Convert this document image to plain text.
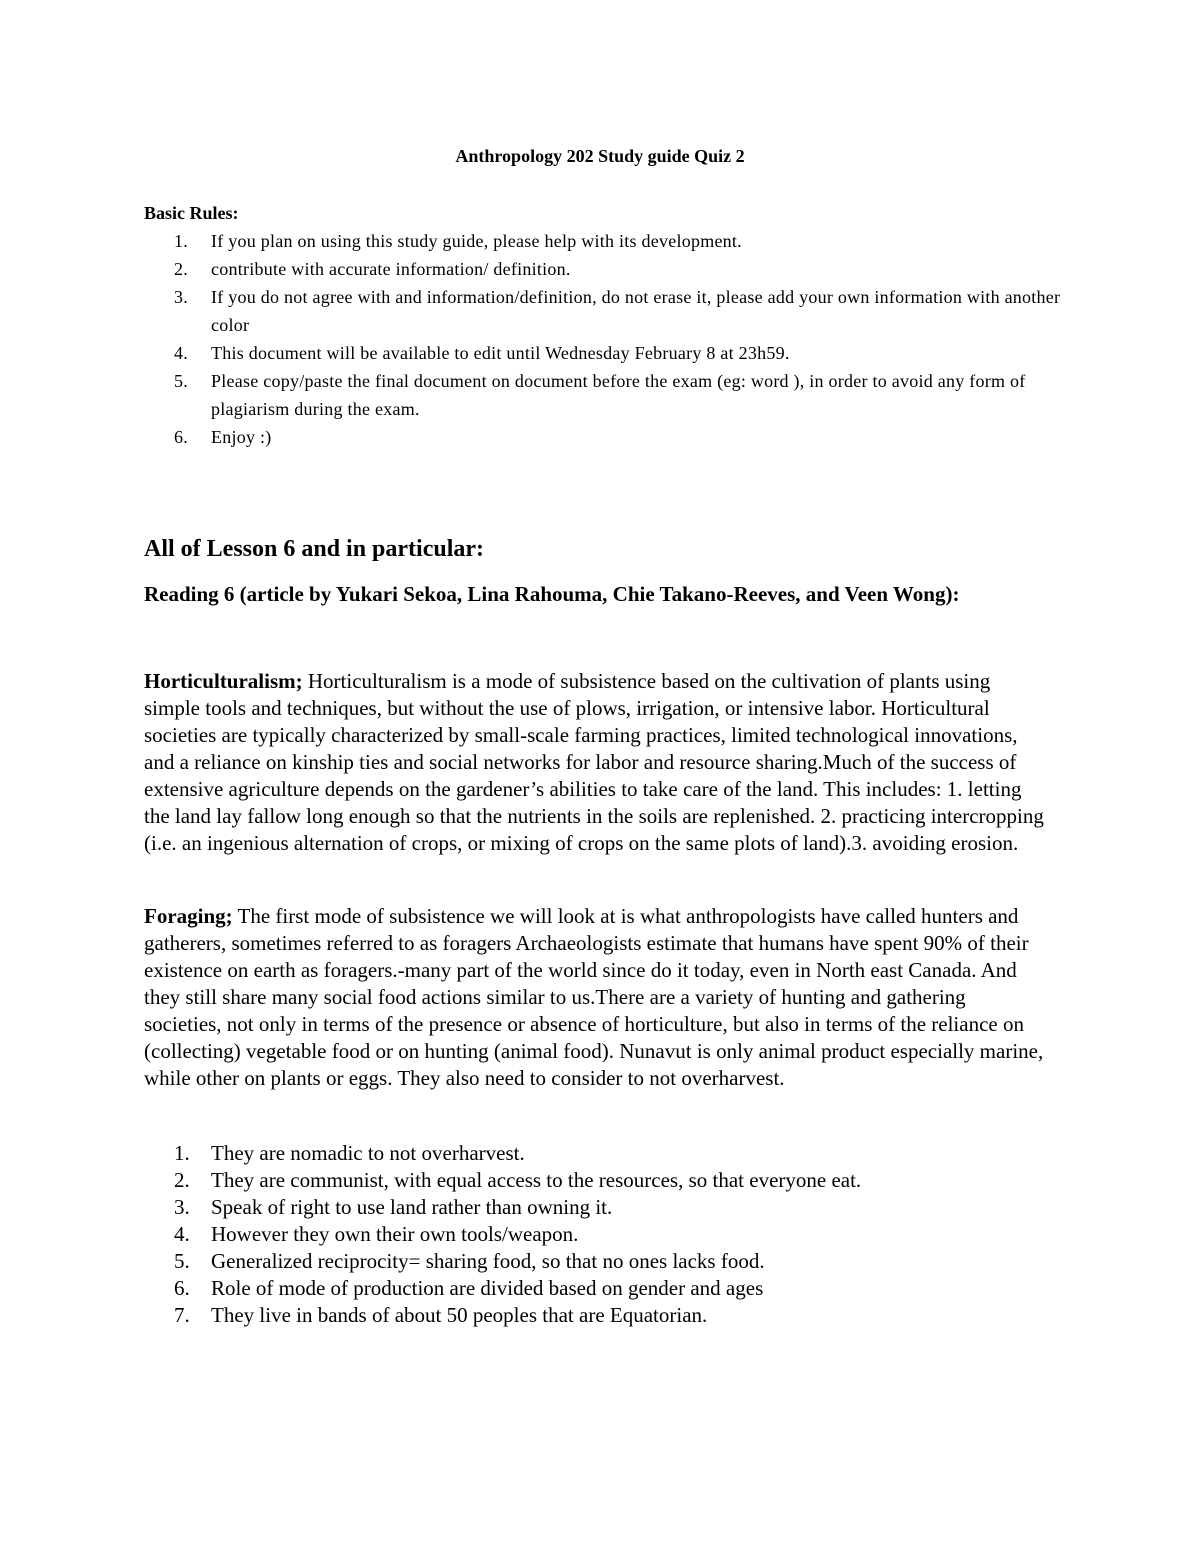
Anthropology 202 Study guide Quiz 2
Basic Rules:
1. If you plan on using this study guide, please help with its development.
2. contribute with accurate information/ definition.
3. If you do not agree with and information/definition, do not erase it, please add your own information with another color
4. This document will be available to edit until Wednesday February 8 at 23h59.
5. Please copy/paste the final document on document before the exam (eg: word ), in order to avoid any form of plagiarism during the exam.
6. Enjoy :)
All of Lesson 6 and in particular:
Reading 6 (article by Yukari Sekoa, Lina Rahouma, Chie Takano-Reeves, and Veen Wong):

Horticulturalism; Horticulturalism is a mode of subsistence based on the cultivation of plants using simple tools and techniques, but without the use of plows, irrigation, or intensive labor. Horticultural societies are typically characterized by small-scale farming practices, limited technological innovations, and a reliance on kinship ties and social networks for labor and resource sharing.Much of the success of extensive agriculture depends on the gardener’s abilities to take care of the land. This includes: 1. letting the land lay fallow long enough so that the nutrients in the soils are replenished. 2. practicing intercropping (i.e. an ingenious alternation of crops, or mixing of crops on the same plots of land).3. avoiding erosion.

Foraging; The first mode of subsistence we will look at is what anthropologists have called hunters and gatherers, sometimes referred to as foragers Archaeologists estimate that humans have spent 90% of their existence on earth as foragers.-many part of the world since do it today, even in North east Canada. And they still share many social food actions similar to us.There are a variety of hunting and gathering societies, not only in terms of the presence or absence of horticulture, but also in terms of the reliance on (collecting) vegetable food or on hunting (animal food). Nunavut is only animal product especially marine, while other on plants or eggs. They also need to consider to not overharvest.

1. They are nomadic to not overharvest.
2. They are communist, with equal access to the resources, so that everyone eat.
3. Speak of right to use land rather than owning it.
4. However they own their own tools/weapon.
5. Generalized reciprocity= sharing food, so that no ones lacks food.
6. Role of mode of production are divided based on gender and ages
7. They live in bands of about 50 peoples that are Equatorian.
